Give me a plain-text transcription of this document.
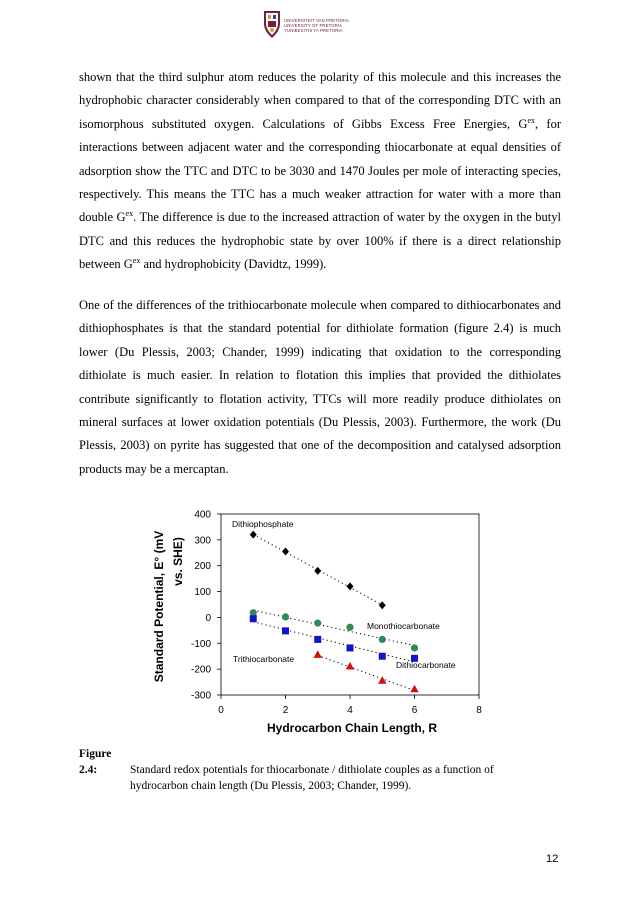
UNIVERSITEIT VAN PRETORIA
UNIVERSITY OF PRETORIA
YUNIBESITHI YA PRETORIA

shown that the third sulphur atom reduces the polarity of this molecule and this increases the hydrophobic character considerably when compared to that of the corresponding DTC with an isomorphous substituted oxygen. Calculations of Gibbs Excess Free Energies, $G^{ex}$, for interactions between adjacent water and the corresponding thiocarbonate at equal densities of adsorption show the TTC and DTC to be 3030 and 1470 Joules per mole of interacting species, respectively. This means the TTC has a much weaker attraction for water with a more than double $G^{ex}$. The difference is due to the increased attraction of water by the oxygen in the butyl DTC and this reduces the hydrophobic state by over 100% if there is a direct relationship between $G^{ex}$ and hydrophobicity (Davidtz, 1999).

One of the differences of the trithiocarbonate molecule when compared to dithiocarbonates and dithiophosphates is that the standard potential for dithiolate formation (figure 2.4) is much lower (Du Plessis, 2003; Chander, 1999) indicating that oxidation to the corresponding dithiolate is much easier. In relation to flotation this implies that provided the dithiolates contribute significantly to flotation activity, TTCs will more readily produce dithiolates on mineral surfaces at lower oxidation potentials (Du Plessis, 2003). Furthermore, the work (Du Plessis, 2003) on pyrite has suggested that one of the decomposition and catalysed adsorption products may be a mercaptan.

400
300
200
100
0
-100
-200
-300
0	2	4	6	8
Hydrocarbon Chain Length, R
Standard Potential, E° (mV vs. SHE)
Dithiophosphate
Monothiocarbonate
Trithiocarbonate
Dithiocarbonate
Figure 2.4:	Standard redox potentials for thiocarbonate / dithiolate couples as a function of
hydrocarbon chain length (Du Plessis, 2003; Chander, 1999).
12
